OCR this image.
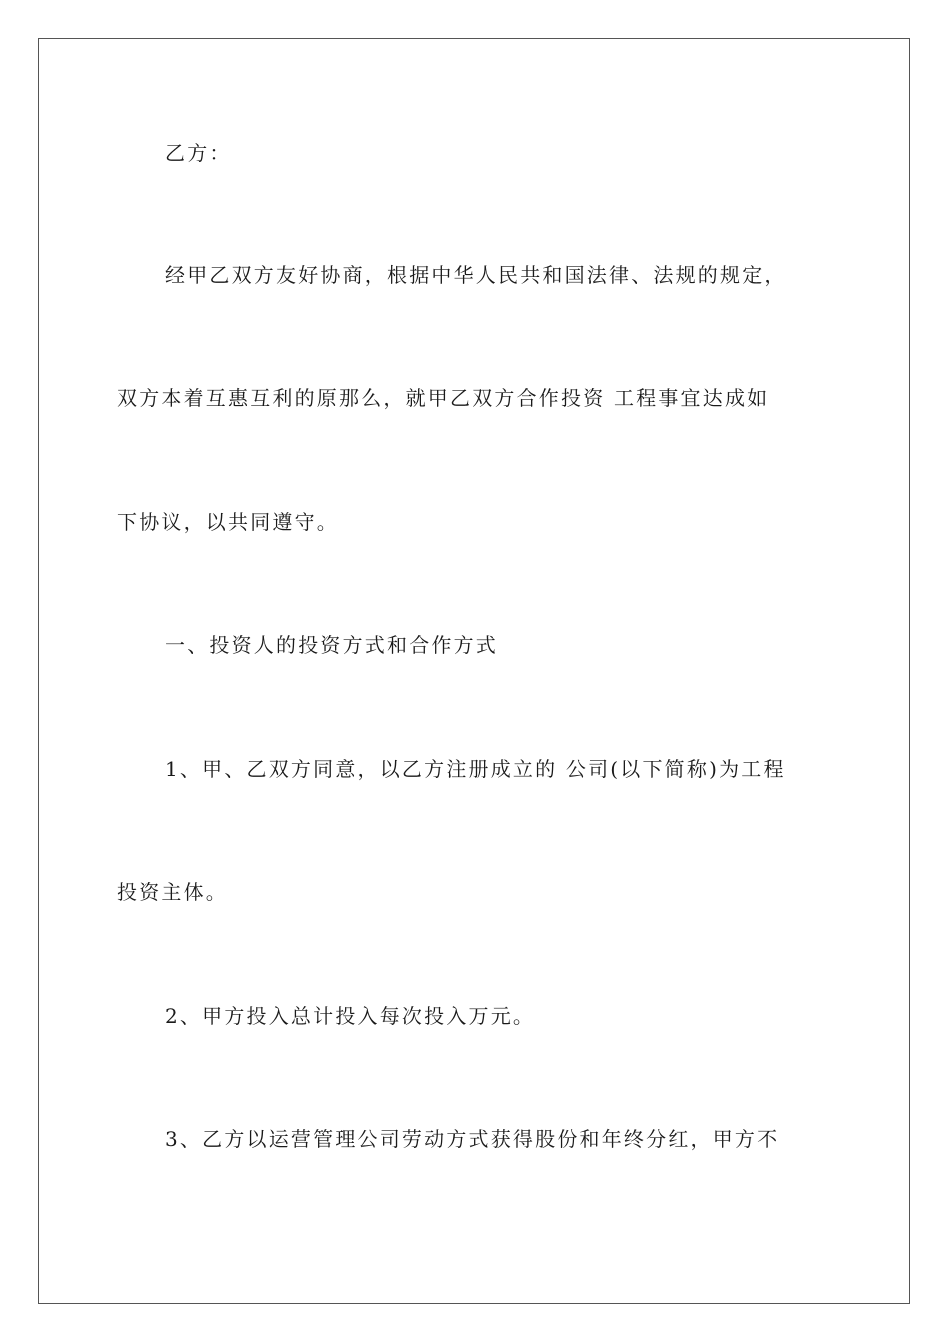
乙方：
经甲乙双方友好协商，根据中华人民共和国法律、法规的规定，
双方本着互惠互利的原那么，就甲乙双方合作投资 工程事宜达成如
下协议，以共同遵守。
一、投资人的投资方式和合作方式
1、甲、乙双方同意，以乙方注册成立的 公司(以下简称)为工程
投资主体。
2、甲方投入总计投入每次投入万元。
3、乙方以运营管理公司劳动方式获得股份和年终分红，甲方不
